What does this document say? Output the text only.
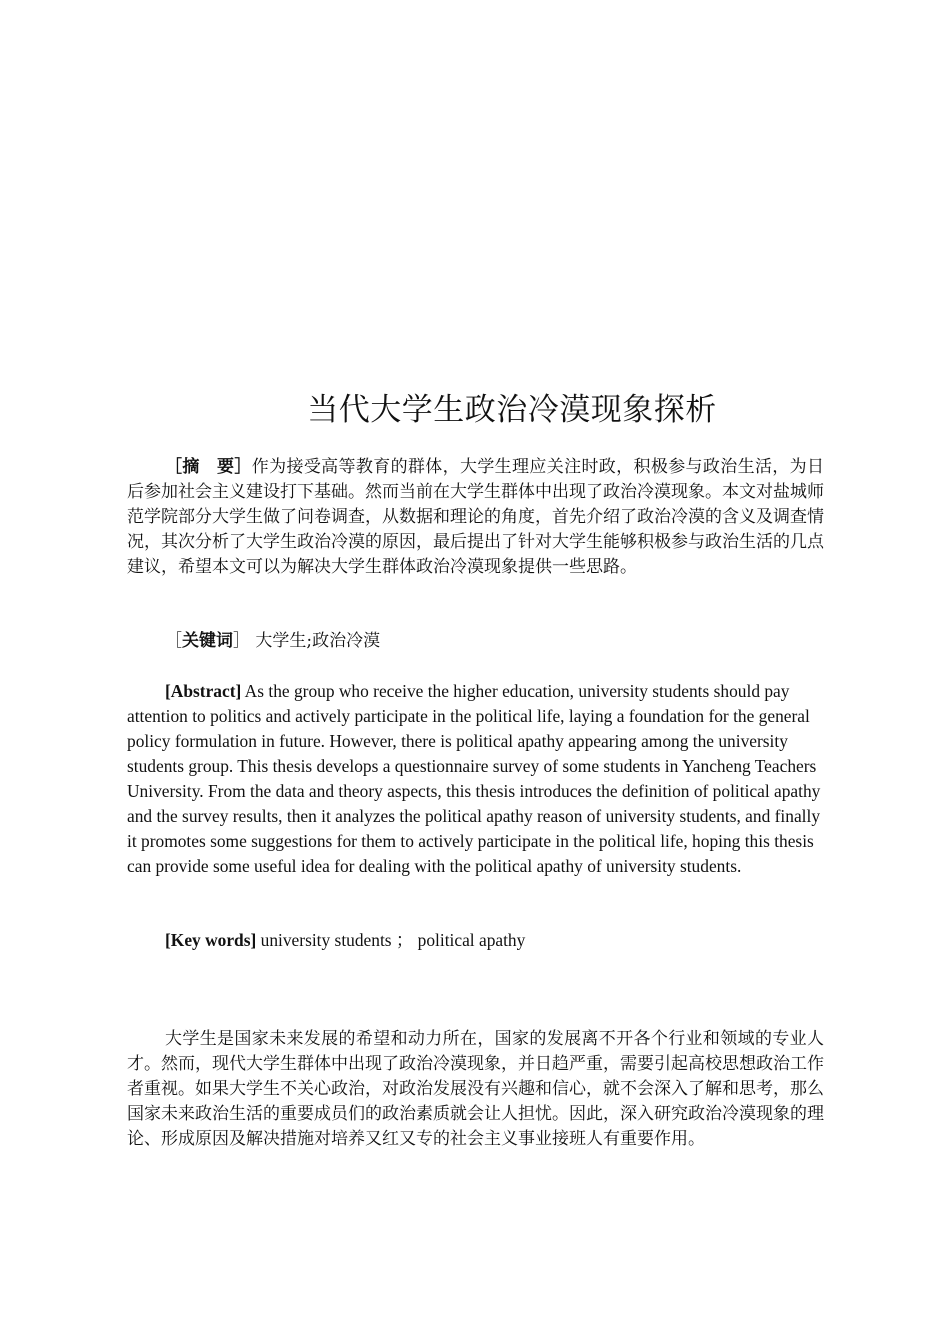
当代大学生政治冷漠现象探析

［摘　要］作为接受高等教育的群体，大学生理应关注时政，积极参与政治生活，为日后参加社会主义建设打下基础。然而当前在大学生群体中出现了政治冷漠现象。本文对盐城师范学院部分大学生做了问卷调查，从数据和理论的角度，首先介绍了政治冷漠的含义及调查情况，其次分析了大学生政治冷漠的原因，最后提出了针对大学生能够积极参与政治生活的几点建议，希望本文可以为解决大学生群体政治冷漠现象提供一些思路。

［关键词］ 大学生;政治冷漠

[Abstract] As the group who receive the higher education, university students should pay attention to politics and actively participate in the political life, laying a foundation for the general policy formulation in future. However, there is political apathy appearing among the university students group. This thesis develops a questionnaire survey of some students in Yancheng Teachers University. From the data and theory aspects, this thesis introduces the definition of political apathy and the survey results, then it analyzes the political apathy reason of university students, and finally it promotes some suggestions for them to actively participate in the political life, hoping this thesis can provide some useful idea for dealing with the political apathy of university students.

[Key words] university students ； political apathy

大学生是国家未来发展的希望和动力所在，国家的发展离不开各个行业和领域的专业人才。然而，现代大学生群体中出现了政治冷漠现象，并日趋严重，需要引起高校思想政治工作者重视。如果大学生不关心政治，对政治发展没有兴趣和信心，就不会深入了解和思考，那么国家未来政治生活的重要成员们的政治素质就会让人担忧。因此，深入研究政治冷漠现象的理论、形成原因及解决措施对培养又红又专的社会主义事业接班人有重要作用。
